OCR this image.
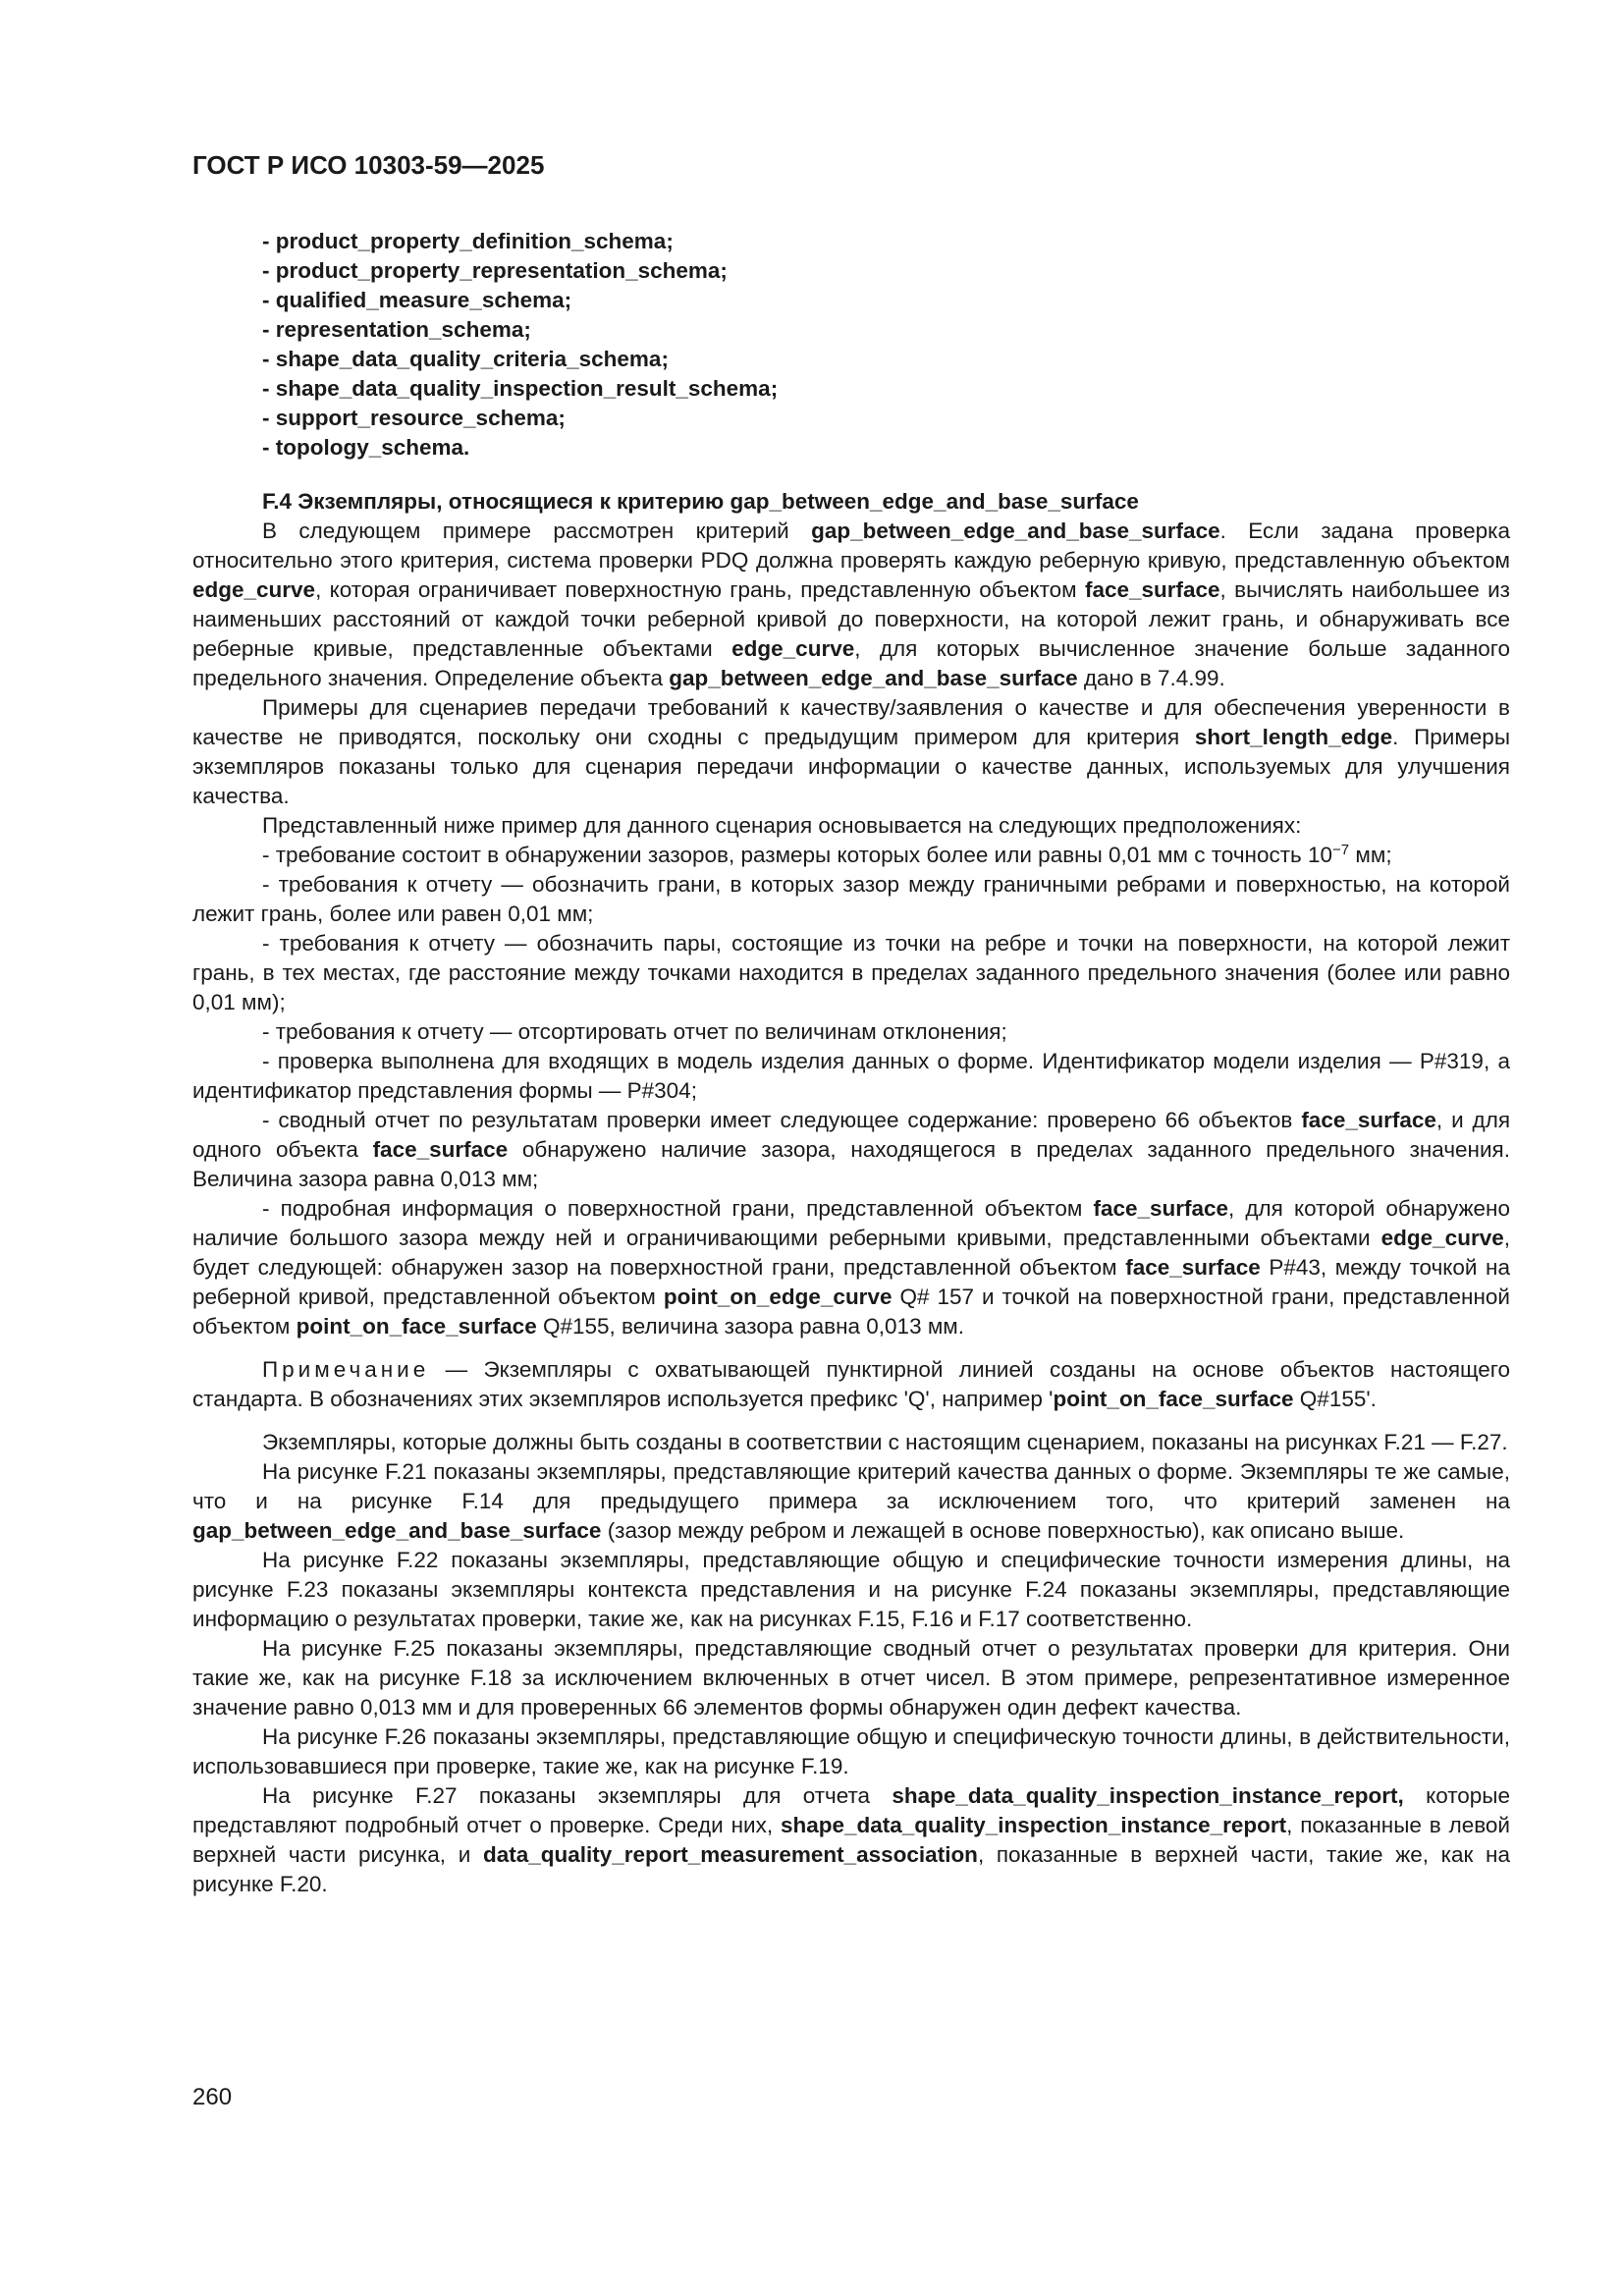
ГОСТ Р ИСО 10303-59—2025
- product_property_definition_schema;
- product_property_representation_schema;
- qualified_measure_schema;
- representation_schema;
- shape_data_quality_criteria_schema;
- shape_data_quality_inspection_result_schema;
- support_resource_schema;
- topology_schema.
F.4 Экземпляры, относящиеся к критерию gap_between_edge_and_base_surface

В следующем примере рассмотрен критерий gap_between_edge_and_base_surface. Если задана проверка относительно этого критерия, система проверки PDQ должна проверять каждую реберную кривую, представленную объектом edge_curve, которая ограничивает поверхностную грань, представленную объектом face_surface, вычислять наибольшее из наименьших расстояний от каждой точки реберной кривой до поверхности, на которой лежит грань, и обнаруживать все реберные кривые, представленные объектами edge_curve, для которых вычисленное значение больше заданного предельного значения. Определение объекта gap_between_edge_and_base_surface дано в 7.4.99.

Примеры для сценариев передачи требований к качеству/заявления о качестве и для обеспечения уверенности в качестве не приводятся, поскольку они сходны с предыдущим примером для критерия short_length_edge. Примеры экземпляров показаны только для сценария передачи информации о качестве данных, используемых для улучшения качества.

Представленный ниже пример для данного сценария основывается на следующих предположениях:

- требование состоит в обнаружении зазоров, размеры которых более или равны 0,01 мм с точность $10^{-7}$ мм;

- требования к отчету — обозначить грани, в которых зазор между граничными ребрами и поверхностью, на которой лежит грань, более или равен 0,01 мм;

- требования к отчету — обозначить пары, состоящие из точки на ребре и точки на поверхности, на которой лежит грань, в тех местах, где расстояние между точками находится в пределах заданного предельного значения (более или равно 0,01 мм);

- требования к отчету — отсортировать отчет по величинам отклонения;

- проверка выполнена для входящих в модель изделия данных о форме. Идентификатор модели изделия — P#319, а идентификатор представления формы — P#304;

- сводный отчет по результатам проверки имеет следующее содержание: проверено 66 объектов face_surface, и для одного объекта face_surface обнаружено наличие зазора, находящегося в пределах заданного предельного значения. Величина зазора равна 0,013 мм;

- подробная информация о поверхностной грани, представленной объектом face_surface, для которой обнаружено наличие большого зазора между ней и ограничивающими реберными кривыми, представленными объектами edge_curve, будет следующей: обнаружен зазор на поверхностной грани, представленной объектом face_surface P#43, между точкой на реберной кривой, представленной объектом point_on_edge_curve Q# 157 и точкой на поверхностной грани, представленной объектом point_on_face_surface Q#155, величина зазора равна 0,013 мм.

Примечание — Экземпляры с охватывающей пунктирной линией созданы на основе объектов настоящего стандарта. В обозначениях этих экземпляров используется префикс 'Q', например 'point_on_face_surface Q#155'.

Экземпляры, которые должны быть созданы в соответствии с настоящим сценарием, показаны на рисунках F.21 — F.27.

На рисунке F.21 показаны экземпляры, представляющие критерий качества данных о форме. Экземпляры те же самые, что и на рисунке F.14 для предыдущего примера за исключением того, что критерий заменен на gap_between_edge_and_base_surface (зазор между ребром и лежащей в основе поверхностью), как описано выше.

На рисунке F.22 показаны экземпляры, представляющие общую и специфические точности измерения длины, на рисунке F.23 показаны экземпляры контекста представления и на рисунке F.24 показаны экземпляры, представляющие информацию о результатах проверки, такие же, как на рисунках F.15, F.16 и F.17 соответственно.

На рисунке F.25 показаны экземпляры, представляющие сводный отчет о результатах проверки для критерия. Они такие же, как на рисунке F.18 за исключением включенных в отчет чисел. В этом примере, репрезентативное измеренное значение равно 0,013 мм и для проверенных 66 элементов формы обнаружен один дефект качества.

На рисунке F.26 показаны экземпляры, представляющие общую и специфическую точности длины, в действительности, использовавшиеся при проверке, такие же, как на рисунке F.19.

На рисунке F.27 показаны экземпляры для отчета shape_data_quality_inspection_instance_report, которые представляют подробный отчет о проверке. Среди них, shape_data_quality_inspection_instance_report, показанные в левой верхней части рисунка, и data_quality_report_measurement_association, показанные в верхней части, такие же, как на рисунке F.20.

260
